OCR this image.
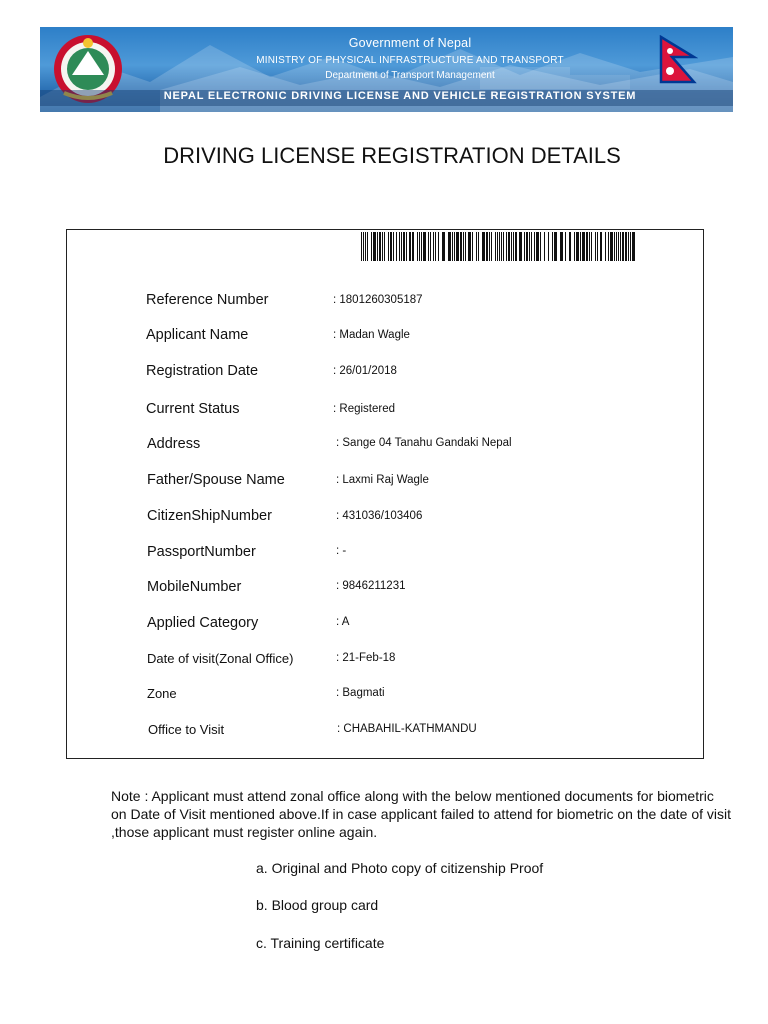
Government of Nepal
MINISTRY OF PHYSICAL INFRASTRUCTURE AND TRANSPORT
Department of Transport Management
NEPAL ELECTRONIC DRIVING LICENSE AND VEHICLE REGISTRATION SYSTEM
DRIVING LICENSE REGISTRATION DETAILS
Reference Number	: 1801260305187
Applicant Name	: Madan Wagle
Registration Date	: 26/01/2018
Current Status	: Registered
Address	: Sange 04 Tanahu Gandaki Nepal
Father/Spouse Name	: Laxmi Raj Wagle
CitizenShipNumber	: 431036/103406
PassportNumber	: -
MobileNumber	: 9846211231
Applied Category	: A
Date of visit(Zonal Office)	: 21-Feb-18
Zone	: Bagmati
Office to Visit	: CHABAHIL-KATHMANDU
Note : Applicant must attend zonal office along with the below mentioned documents for biometric on Date of Visit mentioned above.If in case applicant failed to attend for biometric on the date of visit ,those applicant must register online again.
a. Original and Photo copy of citizenship Proof
b. Blood group card
c. Training certificate
